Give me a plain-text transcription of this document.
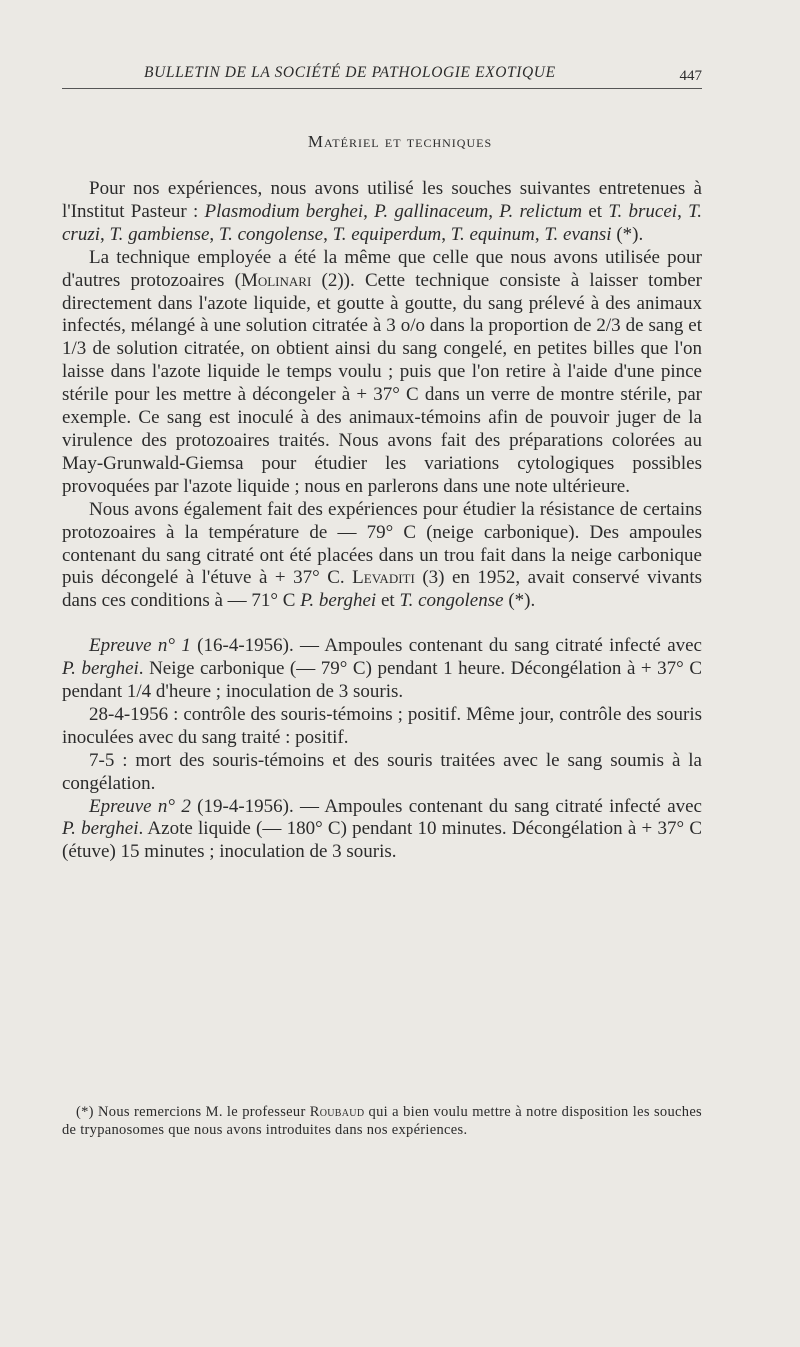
BULLETIN DE LA SOCIÉTÉ DE PATHOLOGIE EXOTIQUE	447
Matériel et techniques

Pour nos expériences, nous avons utilisé les souches suivantes entretenues à l'Institut Pasteur : Plasmodium berghei, P. gallinaceum, P. relictum et T. brucei, T. cruzi, T. gambiense, T. congolense, T. equiperdum, T. equinum, T. evansi (*).

La technique employée a été la même que celle que nous avons utilisée pour d'autres protozoaires (Molinari (2)). Cette technique consiste à laisser tomber directement dans l'azote liquide, et goutte à goutte, du sang prélevé à des animaux infectés, mélangé à une solution citratée à 3 o/o dans la proportion de 2/3 de sang et 1/3 de solution citratée, on obtient ainsi du sang congelé, en petites billes que l'on laisse dans l'azote liquide le temps voulu ; puis que l'on retire à l'aide d'une pince stérile pour les mettre à décongeler à + 37° C dans un verre de montre stérile, par exemple. Ce sang est inoculé à des animaux-témoins afin de pouvoir juger de la virulence des protozoaires traités. Nous avons fait des préparations colorées au May-Grunwald-Giemsa pour étudier les variations cytologiques possibles provoquées par l'azote liquide ; nous en parlerons dans une note ultérieure.

Nous avons également fait des expériences pour étudier la résistance de certains protozoaires à la température de — 79° C (neige carbonique). Des ampoules contenant du sang citraté ont été placées dans un trou fait dans la neige carbonique puis décongelé à l'étuve à + 37° C. Levaditi (3) en 1952, avait conservé vivants dans ces conditions à — 71° C P. berghei et T. congolense (*).

Epreuve n° 1 (16-4-1956). — Ampoules contenant du sang citraté infecté avec P. berghei. Neige carbonique (— 79° C) pendant 1 heure. Décongélation à + 37° C pendant 1/4 d'heure ; inoculation de 3 souris.

28-4-1956 : contrôle des souris-témoins ; positif. Même jour, contrôle des souris inoculées avec du sang traité : positif.

7-5 : mort des souris-témoins et des souris traitées avec le sang soumis à la congélation.

Epreuve n° 2 (19-4-1956). — Ampoules contenant du sang citraté infecté avec P. berghei. Azote liquide (— 180° C) pendant 10 minutes. Décongélation à + 37° C (étuve) 15 minutes ; inoculation de 3 souris.

(*) Nous remercions M. le professeur Roubaud qui a bien voulu mettre à notre disposition les souches de trypanosomes que nous avons introduites dans nos expériences.
